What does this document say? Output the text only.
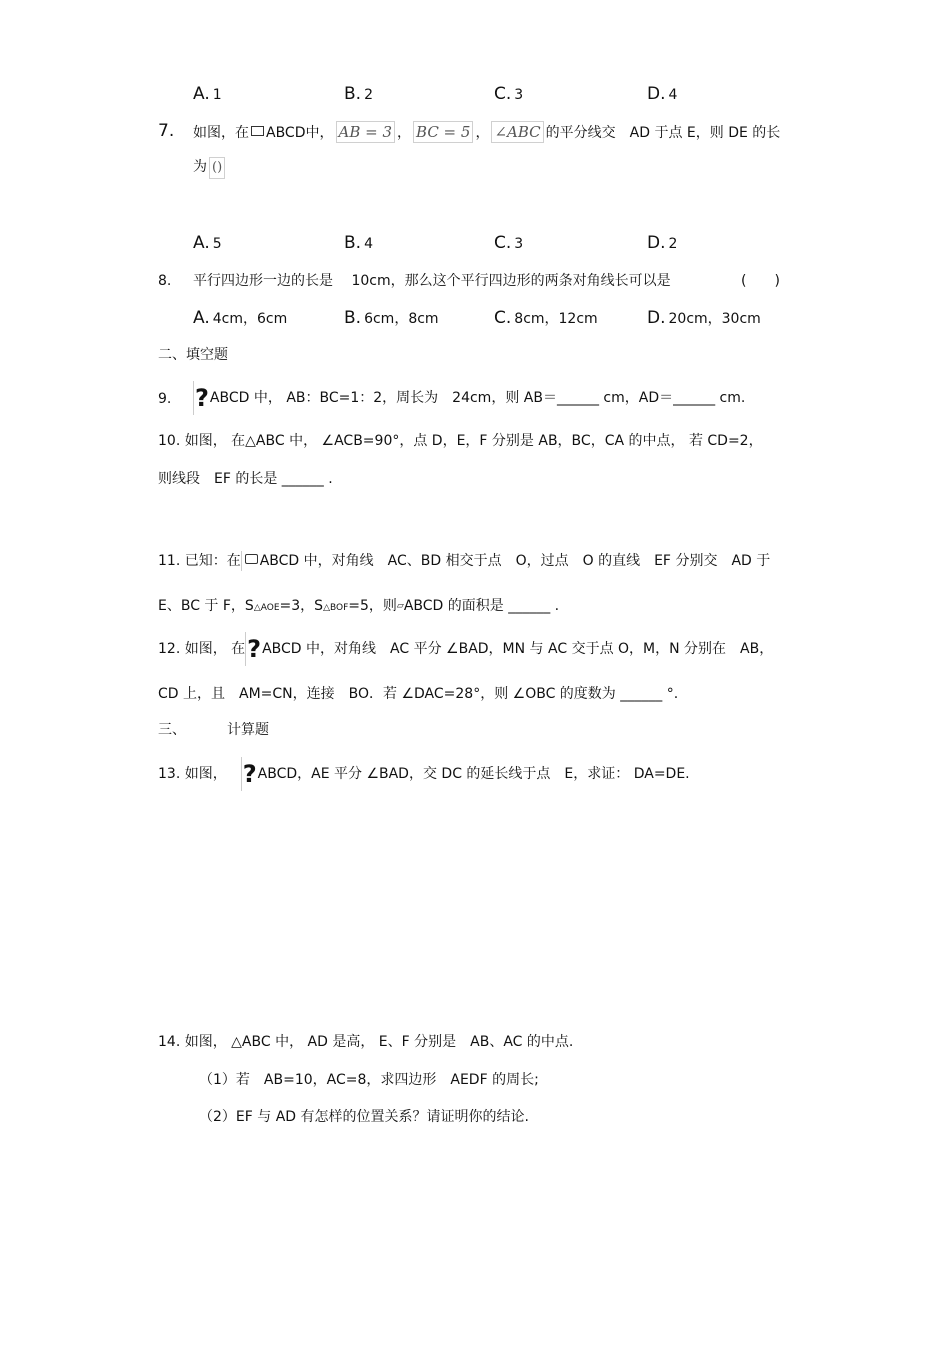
A. 1	B. 2	C. 3	D. 4
7. 如图，在 ABCD中， AB = 3 ， BC = 5 ， ∠ABC 的平分线交　AD 于点 E，则 DE 的长
为 ()
A. 5	B. 4	C. 3	D. 2
8. 平行四边形一边的长是　 10cm，那么这个平行四边形的两条对角线长可以是	(　　)
A. 4cm，6cm	B. 6cm，8cm	C. 8cm，12cm	D. 20cm，30cm
二、填空题
9. ?ABCD 中， AB：BC=1：2，周长为　24cm，则 AB＝______ cm，AD＝______ cm.
10. 如图， 在△ABC 中， ∠ACB=90°，点 D，E，F 分别是 AB，BC，CA 的中点， 若 CD=2，
则线段　EF 的长是 ______ .
11. 已知：在 ABCD 中，对角线　AC、BD 相交于点　O，过点　O 的直线　EF 分别交　AD 于
E、BC 于 F，S△AOE=3，S△BOF=5，则▱ABCD 的面积是 ______ .
12. 如图， 在?ABCD 中，对角线　AC 平分 ∠BAD，MN 与 AC 交于点 O，M，N 分别在　AB，
CD 上，且　AM=CN，连接　BO．若 ∠DAC=28°，则 ∠OBC 的度数为 ______ °.
三、	计算题
13. 如图， ?ABCD，AE 平分 ∠BAD，交 DC 的延长线于点　E，求证： DA=DE.
14. 如图， △ABC 中， AD 是高， E、F 分别是　AB、AC 的中点.
（1）若　AB=10，AC=8，求四边形　AEDF 的周长;
（2）EF 与 AD 有怎样的位置关系？请证明你的结论.
